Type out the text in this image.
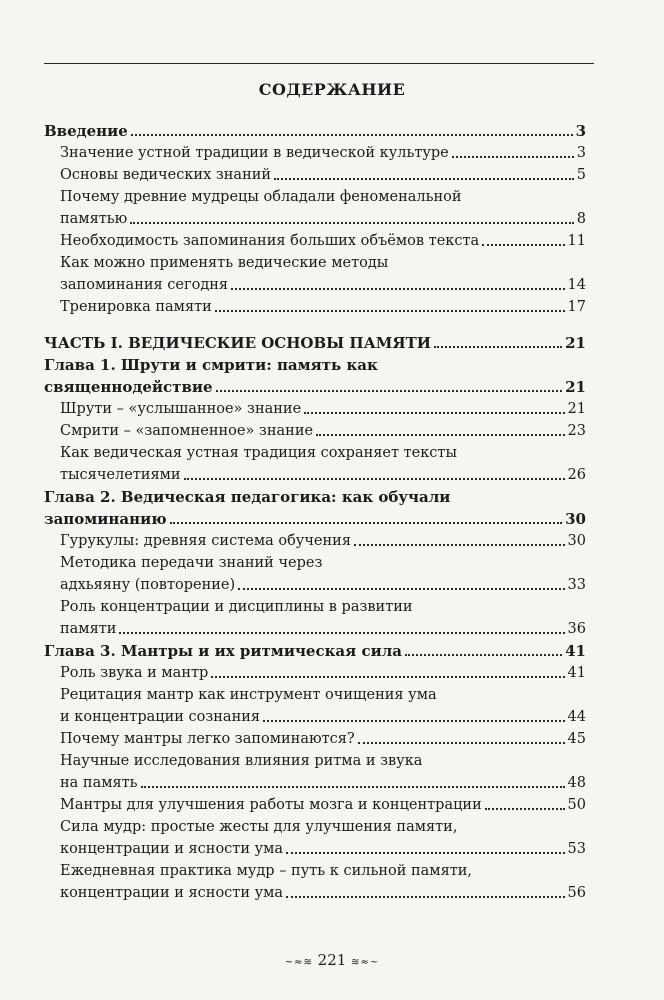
СОДЕРЖАНИЕ
Введение	3
Значение устной традиции в ведической культуре	3
Основы ведических знаний	5
Почему древние мудрецы обладали феноменальной
памятью	8
Необходимость запоминания больших объёмов текста	11
Как можно применять ведические методы
запоминания сегодня	14
Тренировка памяти	17
ЧАСТЬ I. ВЕДИЧЕСКИЕ ОСНОВЫ ПАМЯТИ	21
Глава 1. Шрути и смрити: память как
священнодействие	21
Шрути – «услышанное» знание	21
Смрити – «запомненное» знание	23
Как ведическая устная традиция сохраняет тексты
тысячелетиями	26
Глава 2. Ведическая педагогика: как обучали
запоминанию	30
Гурукулы: древняя система обучения	30
Методика передачи знаний через
адхьяяну (повторение)	33
Роль концентрации и дисциплины в развитии
памяти	36
Глава 3. Мантры и их ритмическая сила	41
Роль звука и мантр	41
Рецитация мантр как инструмент очищения ума
и концентрации сознания	44
Почему мантры легко запоминаются?	45
Научные исследования влияния ритма и звука
на память	48
Мантры для улучшения работы мозга и концентрации	50
Сила мудр: простые жесты для улучшения памяти,
концентрации и ясности ума	53
Ежедневная практика мудр – путь к сильной памяти,
концентрации и ясности ума	56
~≈≋ 221 ≋≈~
